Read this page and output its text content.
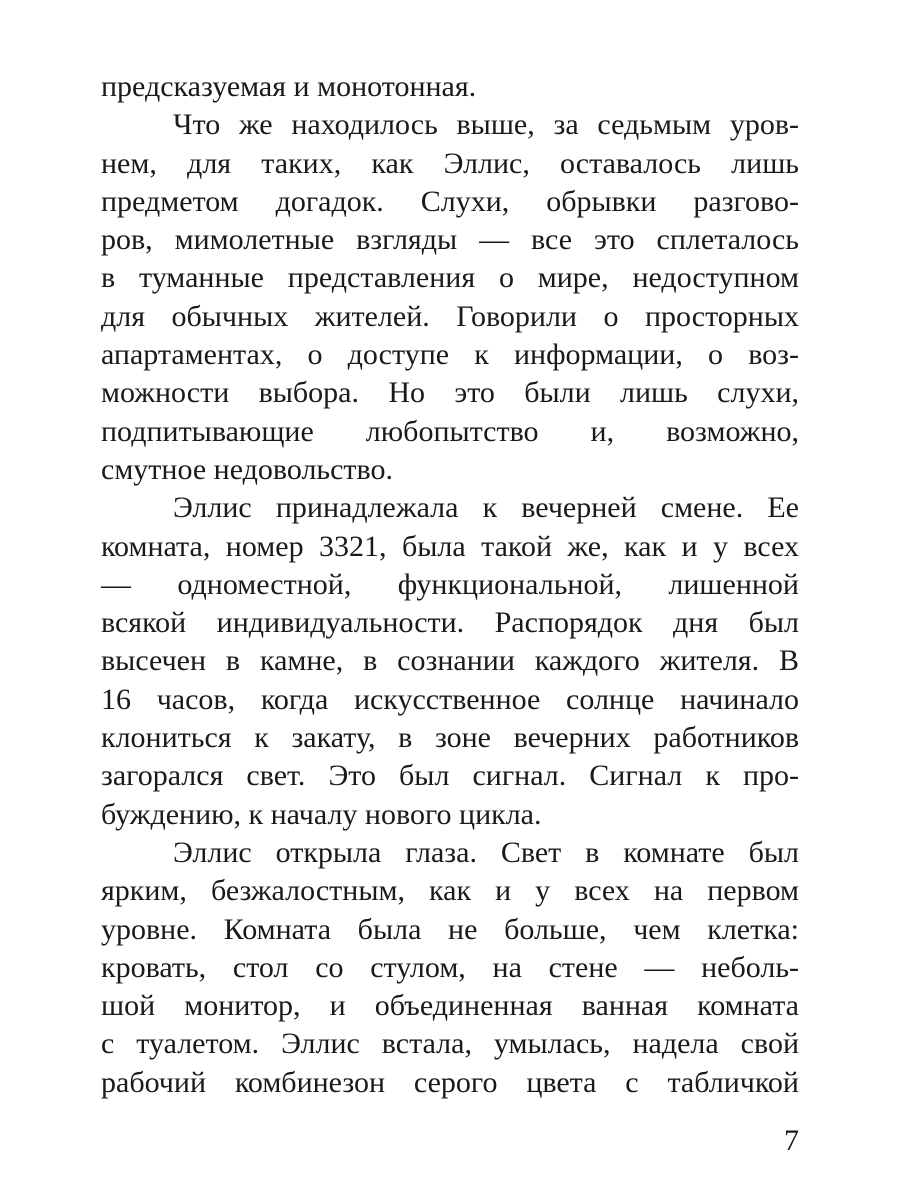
предсказуемая и монотонная.

Что же находилось выше, за седьмым уров-

нем, для таких, как Эллис, оставалось лишь

предметом догадок. Слухи, обрывки разгово-

ров, мимолетные взгляды — все это сплеталось

в туманные представления о мире, недоступном

для обычных жителей. Говорили о просторных

апартаментах, о доступе к информации, о воз-

можности выбора. Но это были лишь слухи,

подпитывающие любопытство и, возможно,

смутное недовольство.

Эллис принадлежала к вечерней смене. Ее

комната, номер 3321, была такой же, как и у всех

— одноместной, функциональной, лишенной

всякой индивидуальности. Распорядок дня был

высечен в камне, в сознании каждого жителя. В

16 часов, когда искусственное солнце начинало

клониться к закату, в зоне вечерних работников

загорался свет. Это был сигнал. Сигнал к про-

буждению, к началу нового цикла.

Эллис открыла глаза. Свет в комнате был

ярким, безжалостным, как и у всех на первом

уровне. Комната была не больше, чем клетка:

кровать, стол со стулом, на стене — неболь-

шой монитор, и объединенная ванная комната

с туалетом. Эллис встала, умылась, надела свой

рабочий комбинезон серого цвета с табличкой

7
